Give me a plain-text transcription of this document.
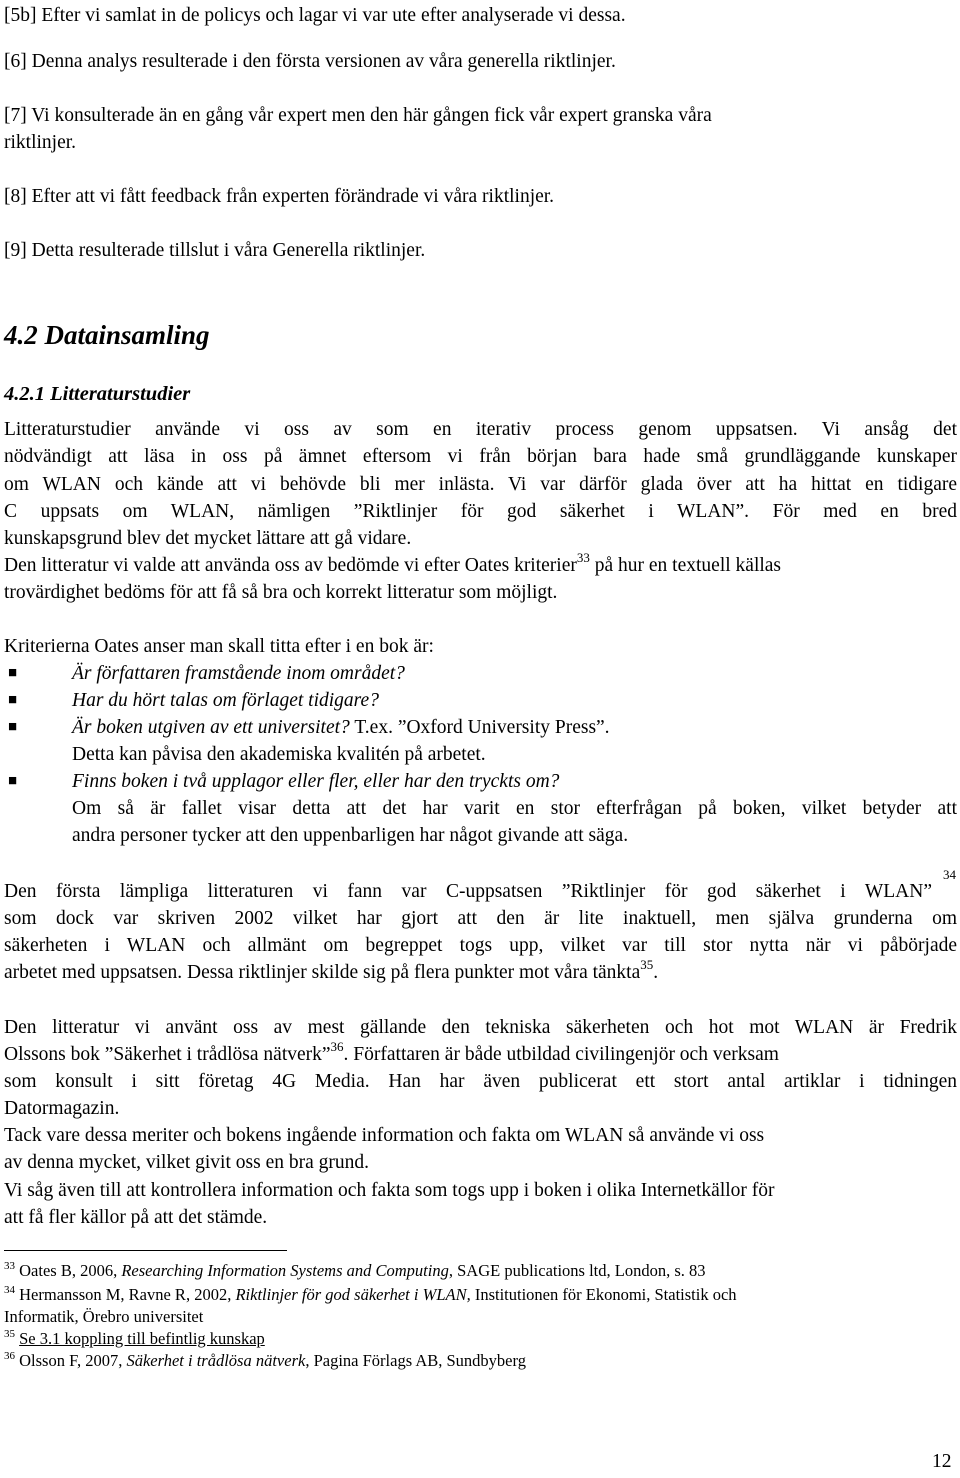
[5b] Efter vi samlat in de policys och lagar vi var ute efter analyserade vi dessa.
[6] Denna analys resulterade i den första versionen av våra generella riktlinjer.
[7] Vi konsulterade än en gång vår expert men den här gången fick vår expert granska våra
riktlinjer.
[8] Efter att vi fått feedback från experten förändrade vi våra riktlinjer.
[9] Detta resulterade tillslut i våra Generella riktlinjer.
4.2 Datainsamling
4.2.1 Litteraturstudier
Litteraturstudier använde vi oss av som en iterativ process genom uppsatsen. Vi ansåg det
nödvändigt att läsa in oss på ämnet eftersom vi från början bara hade små grundläggande kunskaper
om WLAN och kände att vi behövde bli mer inlästa. Vi var därför glada över att ha hittat en tidigare
C uppsats om WLAN, nämligen ”Riktlinjer för god säkerhet i WLAN”. För med en bred
kunskapsgrund blev det mycket lättare att gå vidare.
Den litteratur vi valde att använda oss av bedömde vi efter Oates kriterier$^{33}$ på hur en textuell källas
trovärdighet bedöms för att få så bra och korrekt litteratur som möjligt.
Kriterierna Oates anser man skall titta efter i en bok är:
■
Är författaren framstående inom området?
■
Har du hört talas om förlaget tidigare?
■
Är boken utgiven av ett universitet? T.ex. ”Oxford University Press”.
Detta kan påvisa den akademiska kvalitén på arbetet.
■
Finns boken i två upplagor eller fler, eller har den tryckts om?
Om så är fallet visar detta att det har varit en stor efterfrågan på boken, vilket betyder att
andra personer tycker att den uppenbarligen har något givande att säga.
Den första lämpliga litteraturen vi fann var C-uppsatsen ”Riktlinjer för god säkerhet i WLAN”
34
som dock var skriven 2002 vilket har gjort att den är lite inaktuell, men själva grunderna om
säkerheten i WLAN och allmänt om begreppet togs upp, vilket var till stor nytta när vi påbörjade
arbetet med uppsatsen. Dessa riktlinjer skilde sig på flera punkter mot våra tänkta$^{35}$.
Den litteratur vi använt oss av mest gällande den tekniska säkerheten och hot mot WLAN är Fredrik
Olssons bok ”Säkerhet i trådlösa nätverk”$^{36}$. Författaren är både utbildad civilingenjör och verksam
som konsult i sitt företag 4G Media. Han har även publicerat ett stort antal artiklar i tidningen
Datormagazin.
Tack vare dessa meriter och bokens ingående information och fakta om WLAN så använde vi oss
av denna mycket, vilket givit oss en bra grund.
Vi såg även till att kontrollera information och fakta som togs upp i boken i olika Internetkällor för
att få fler källor på att det stämde.
$^{33}$ Oates B, 2006, Researching Information Systems and Computing, SAGE publications ltd, London, s. 83
$^{34}$ Hermansson M, Ravne R, 2002, Riktlinjer för god säkerhet i WLAN, Institutionen för Ekonomi, Statistik och
Informatik, Örebro universitet
$^{35}$ Se 3.1 koppling till befintlig kunskap
$^{36}$ Olsson F, 2007, Säkerhet i trådlösa nätverk, Pagina Förlags AB, Sundbyberg
12
